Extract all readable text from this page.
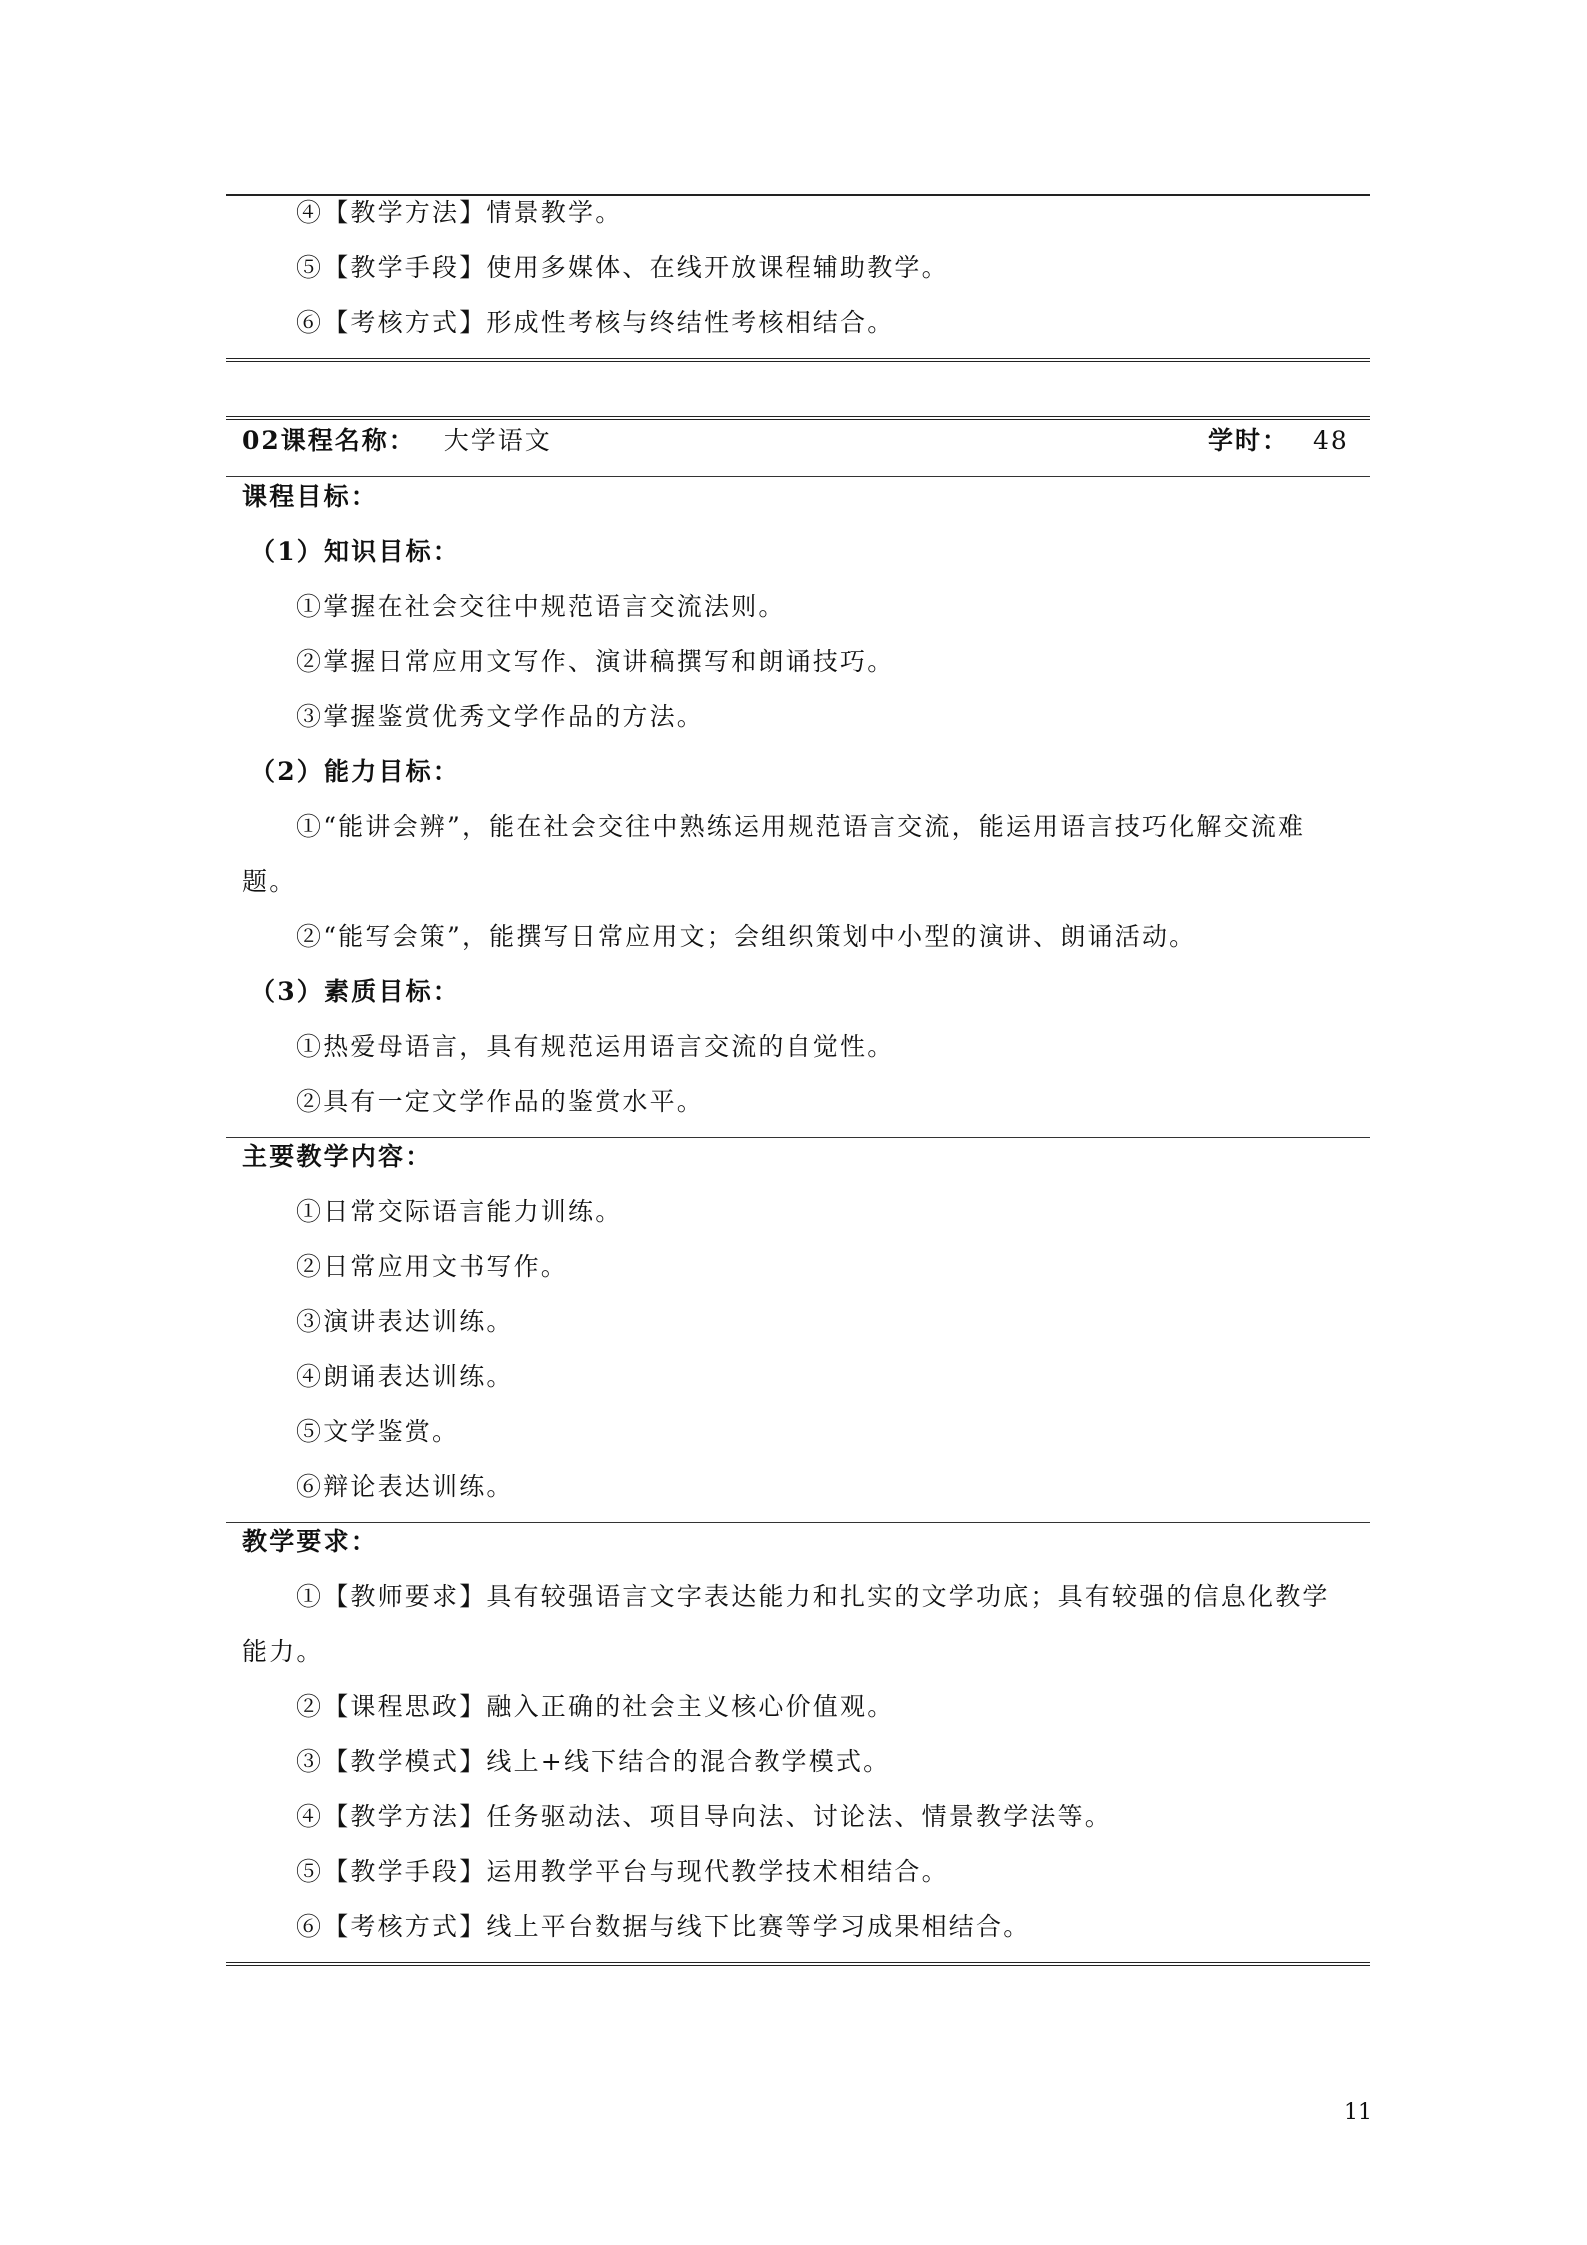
④【教学方法】情景教学。
⑤【教学手段】使用多媒体、在线开放课程辅助教学。
⑥【考核方式】形成性考核与终结性考核相结合。
02课程名称： 大学语文	学时： 48
课程目标：
（1）知识目标：
①掌握在社会交往中规范语言交流法则。
②掌握日常应用文写作、演讲稿撰写和朗诵技巧。
③掌握鉴赏优秀文学作品的方法。
（2）能力目标：
①“能讲会辨”，能在社会交往中熟练运用规范语言交流，能运用语言技巧化解交流难
题。
②“能写会策”，能撰写日常应用文；会组织策划中小型的演讲、朗诵活动。
（3）素质目标：
①热爱母语言，具有规范运用语言交流的自觉性。
②具有一定文学作品的鉴赏水平。
主要教学内容：
①日常交际语言能力训练。
②日常应用文书写作。
③演讲表达训练。
④朗诵表达训练。
⑤文学鉴赏。
⑥辩论表达训练。
教学要求：
①【教师要求】具有较强语言文字表达能力和扎实的文学功底；具有较强的信息化教学
能力。
②【课程思政】融入正确的社会主义核心价值观。
③【教学模式】线上+线下结合的混合教学模式。
④【教学方法】任务驱动法、项目导向法、讨论法、情景教学法等。
⑤【教学手段】运用教学平台与现代教学技术相结合。
⑥【考核方式】线上平台数据与线下比赛等学习成果相结合。
11
